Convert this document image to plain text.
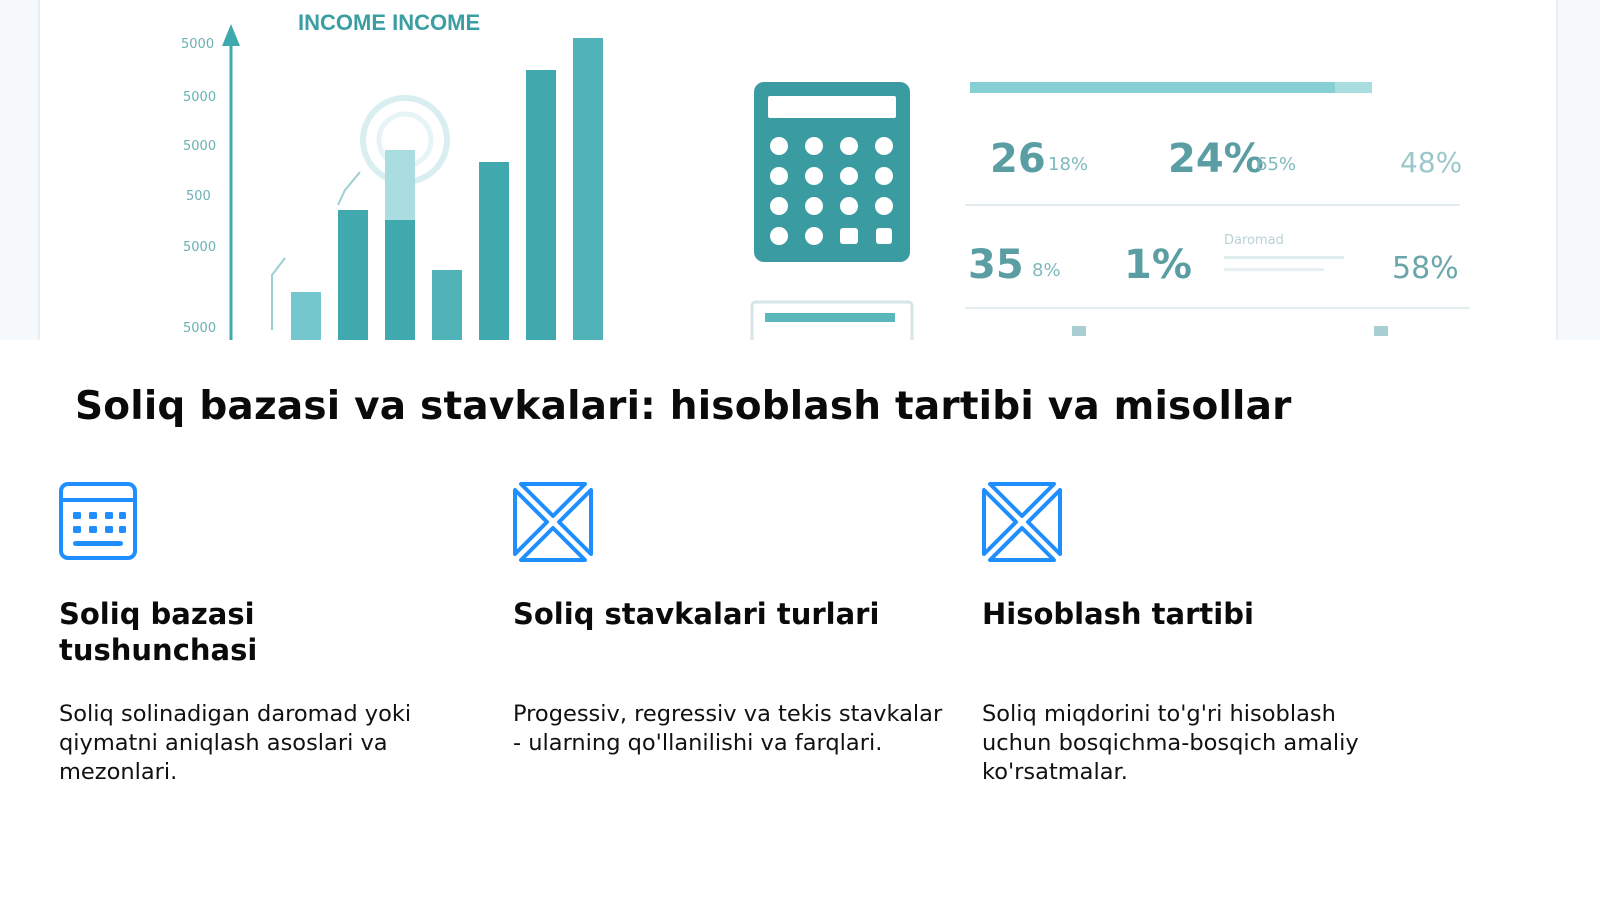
INCOME INCOME
5000
5000
5000
500
5000
5000
26 18% 24%
65%	48%
35 8% 1%
Daromad
58%
Soliq bazasi va stavkalari: hisoblash tartibi va misollar
Soliq bazasi tushunchasi

Soliq solinadigan daromad yoki qiymatni aniqlash asoslari va mezonlari.

Soliq stavkalari turlari

Progessiv, regressiv va tekis stavkalar - ularning qo'llanilishi va farqlari.

Hisoblash tartibi

Soliq miqdorini to'g'ri hisoblash uchun bosqichma-bosqich amaliy ko'rsatmalar.
